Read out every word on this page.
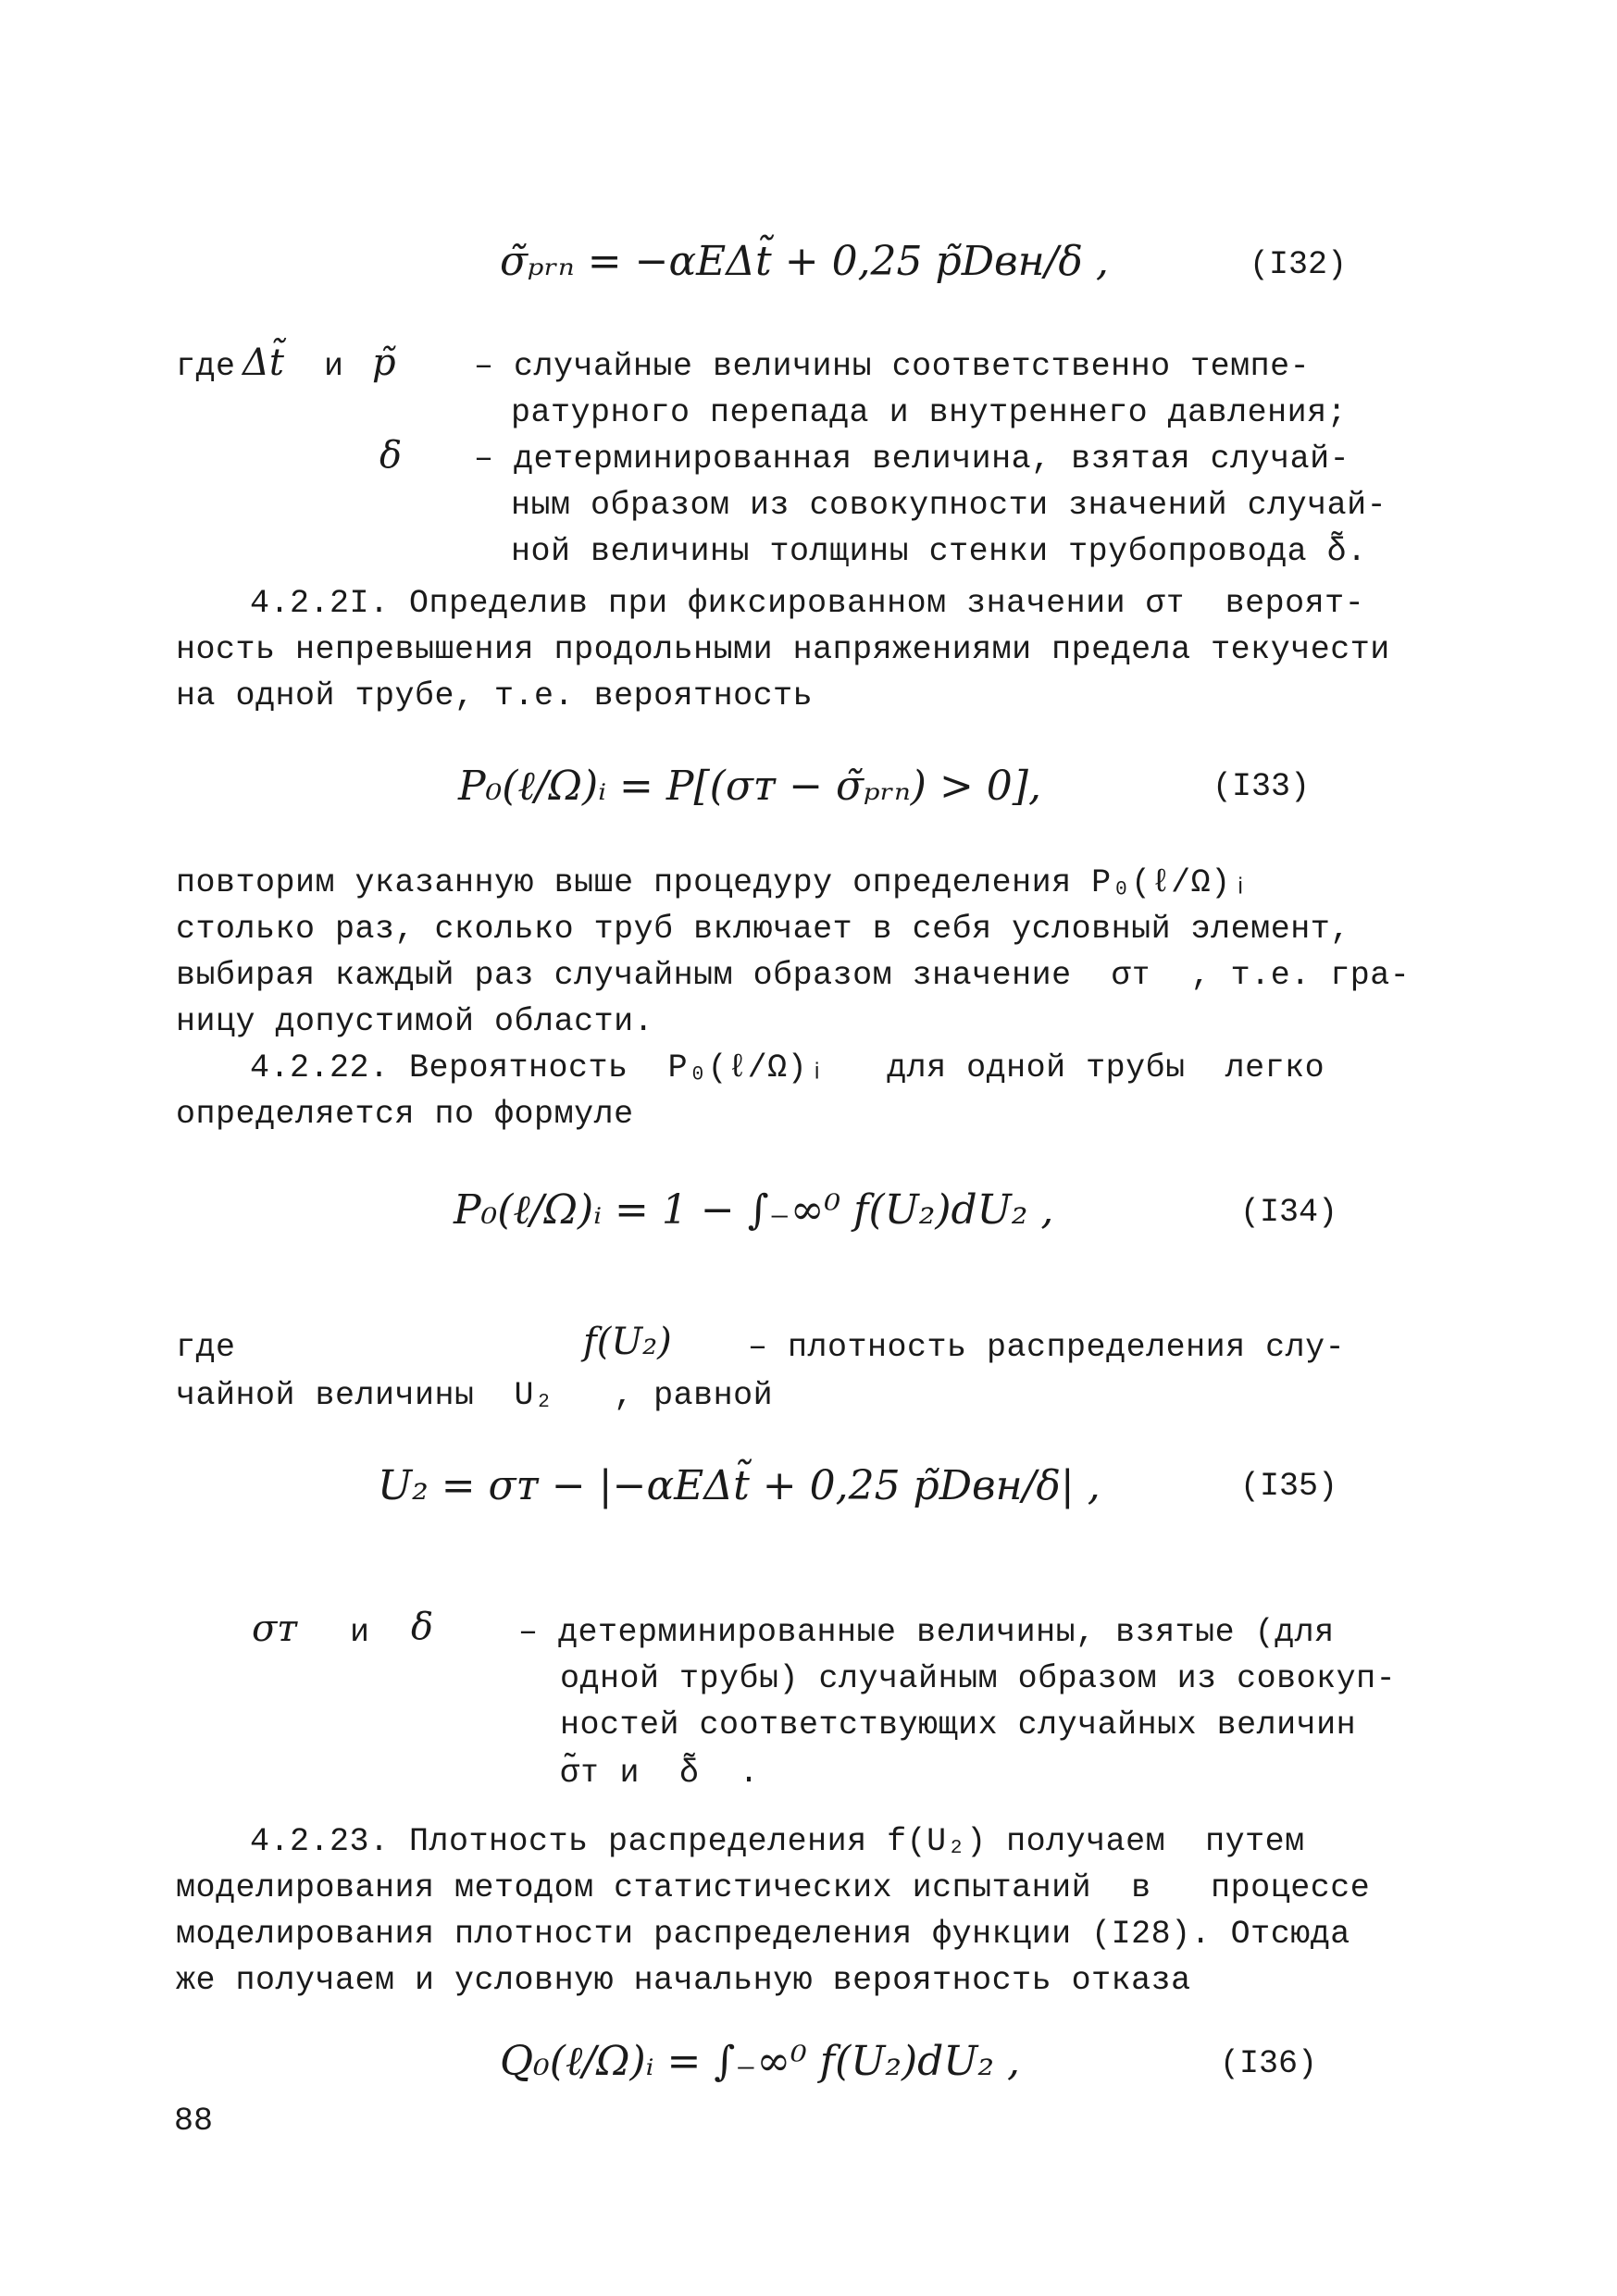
σ̃ₚᵣₙ = −αEΔt̃ + 0,25 p̃Dвн/δ ,	(I32)
где Δt̃ и p̃ – случайные величины соответственно темпе-
ратурного перепада и внутреннего давления;
δ – детерминированная величина, взятая случай-
ным образом из совокупности значений случай-
ной величины толщины стенки трубопровода δ̃.
4.2.2I. Определив при фиксированном значении σᴛ  вероят-
ность непревышения продольными напряжениями предела текучести
на одной трубе, т.е. вероятность
P₀(ℓ/Ω)ᵢ = P[(σᴛ − σ̃ₚᵣₙ) > 0],	(I33)
повторим указанную выше процедуру определения P₀(ℓ/Ω)ᵢ
столько раз, сколько труб включает в себя условный элемент,
выбирая каждый раз случайным образом значение  σᴛ  , т.е. гра-
ницу допустимой области.
4.2.22. Вероятность  P₀(ℓ/Ω)ᵢ   для одной трубы  легко
определяется по формуле
P₀(ℓ/Ω)ᵢ = 1 − ∫₋∞⁰ f(U₂)dU₂ ,	(I34)
где	f(U₂) – плотность распределения слу-
чайной величины  U₂   , равной
U₂ = σᴛ − |−αEΔt̃ + 0,25 p̃Dвн/δ| ,	(I35)
σᴛ и δ	– детерминированные величины, взятые (для
одной трубы) случайным образом из совокуп-
ностей соответствующих случайных величин
σ̃ᴛ и  δ̃  .
4.2.23. Плотность распределения f(U₂) получаем  путем
моделирования методом статистических испытаний  в   процессе
моделирования плотности распределения функции (I28). Отсюда
же получаем и условную начальную вероятность отказа
Q₀(ℓ/Ω)ᵢ = ∫₋∞⁰ f(U₂)dU₂ ,	(I36)
88
